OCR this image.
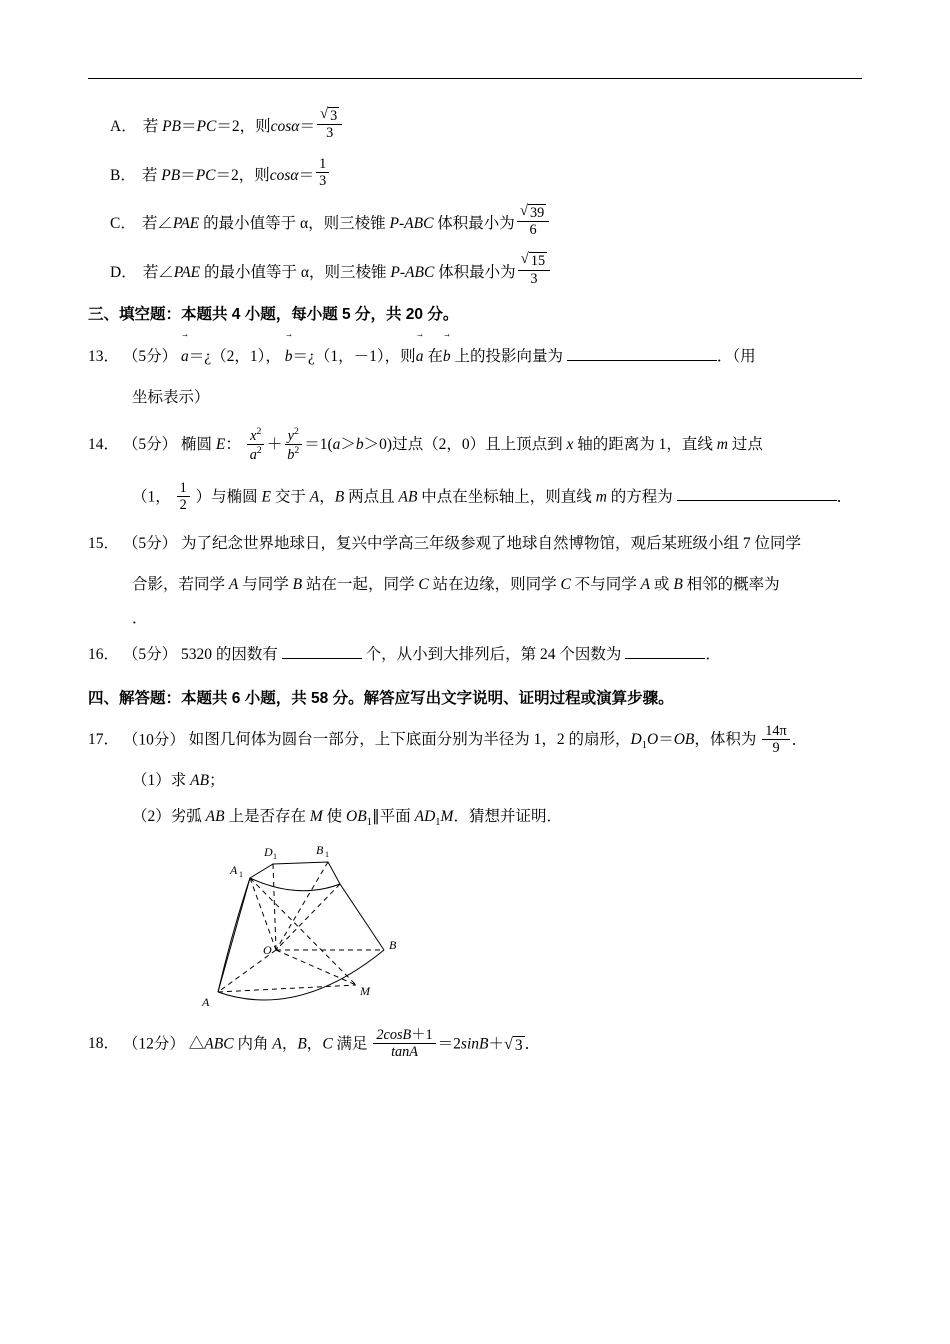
A． 若 PB＝PC＝2，则$\cos\alpha= \frac{√ 3}{3}$
B． 若 PB＝PC＝2，则$\cos\alpha= \frac{1}{3}$
C． 若∠PAE 的最小值等于 α，则三棱锥 P‑ABC 体积最小为 $\frac{√ 39}{6}$
D． 若∠PAE 的最小值等于 α，则三棱锥 P‑ABC 体积最小为 $\frac{√ 15}{3}$
三、填空题：本题共 4 小题，每小题 5 分，共 20 分。
13． （5分） → a＝¿（2，1）， → b＝¿（1，－1），则→ a 在→ b 上的投影向量为	．（用
坐标表示）
14． （5分） 椭圆 E： $\frac{x^2}{a^2} + \frac{y^2}{b^2} =1(a>b>0)$过点（2，0）且上顶点到 x 轴的距离为 1，直线 m 过点
（1， $\frac{1}{2}$ ）与椭圆 E 交于 A，B 两点且 AB 中点在坐标轴上，则直线 m 的方程为	．
15． （5分） 为了纪念世界地球日，复兴中学高三年级参观了地球自然博物馆，观后某班级小组 7 位同学
合影，若同学 A 与同学 B 站在一起，同学 C 站在边缘，则同学 C 不与同学 A 或 B 相邻的概率为
．
16． （5分） 5320 的因数有	个，从小到大排列后，第 24 个因数为	．
四、解答题：本题共 6 小题，共 58 分。解答应写出文字说明、证明过程或演算步骤。
17． （10分） 如图几何体为圆台一部分，上下底面分别为半径为 1，2 的扇形，$D_1O=OB$，体积为 $\frac{14\pi}{9}$ ．
（1）求 AB；
（2）劣弧 AB 上是否存在 M 使 $OB_1\parallel$平面 $AD_1M$．猜想并证明．
D 1	B 1
A 1
O	B
M
A
18． （12分） △ABC 内角 A，B，C 满足 $\frac{2\cos B+1}{\tan A} =2\sin B+$ √ 3 ．
